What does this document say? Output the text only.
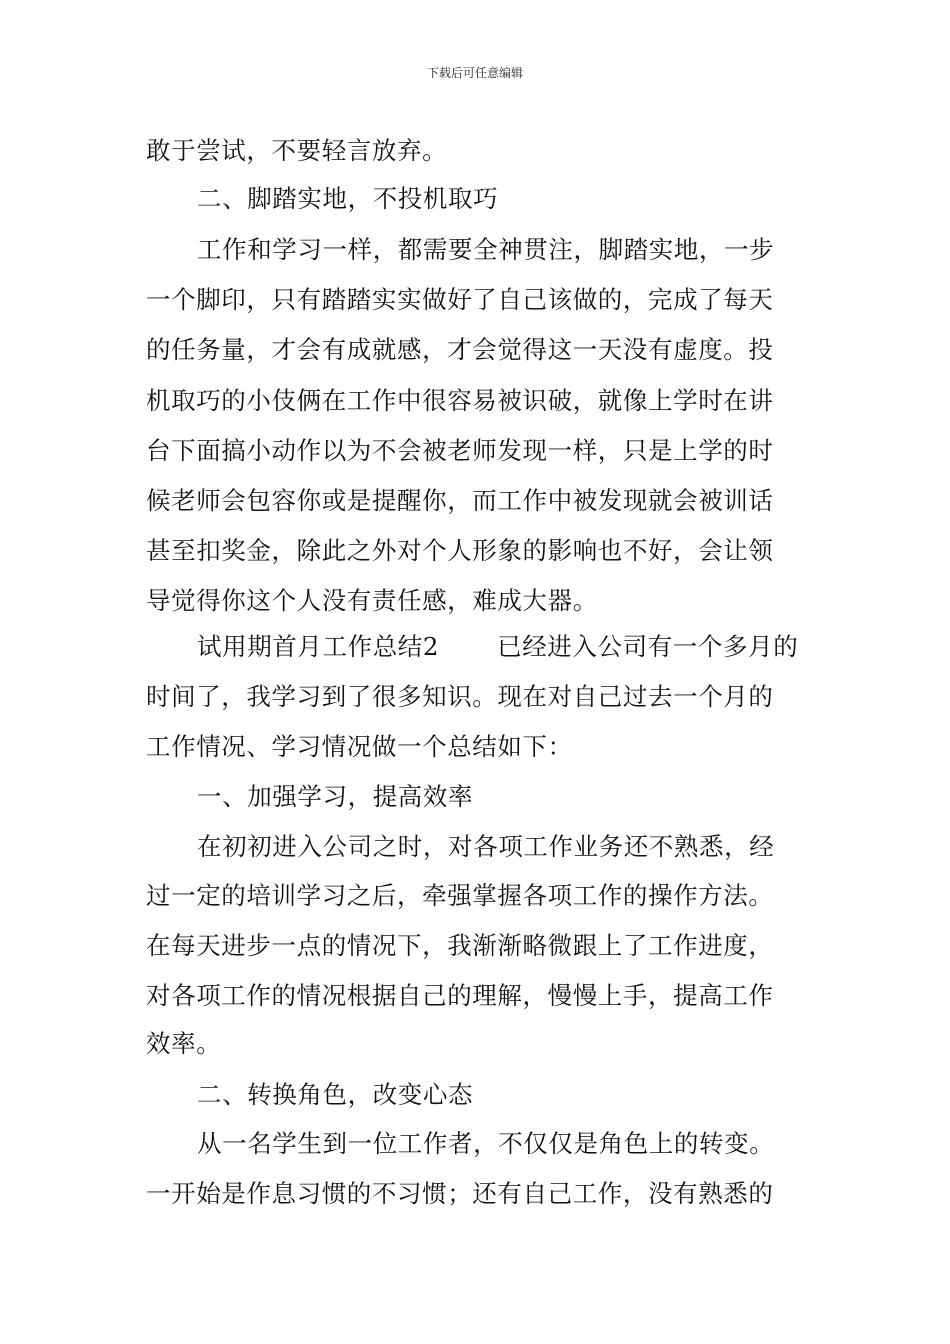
下载后可任意编辑
敢于尝试，不要轻言放弃。
二、脚踏实地，不投机取巧
工作和学习一样，都需要全神贯注，脚踏实地，一步
一个脚印，只有踏踏实实做好了自己该做的，完成了每天
的任务量，才会有成就感，才会觉得这一天没有虚度。投
机取巧的小伎俩在工作中很容易被识破，就像上学时在讲
台下面搞小动作以为不会被老师发现一样，只是上学的时
候老师会包容你或是提醒你，而工作中被发现就会被训话
甚至扣奖金，除此之外对个人形象的影响也不好，会让领
导觉得你这个人没有责任感，难成大器。
试用期首月工作总结2 已经进入公司有一个多月的
时间了，我学习到了很多知识。现在对自己过去一个月的
工作情况、学习情况做一个总结如下：
一、加强学习，提高效率
在初初进入公司之时，对各项工作业务还不熟悉，经
过一定的培训学习之后，牵强掌握各项工作的操作方法。
在每天进步一点的情况下，我渐渐略微跟上了工作进度，
对各项工作的情况根据自己的理解，慢慢上手，提高工作
效率。
二、转换角色，改变心态
从一名学生到一位工作者，不仅仅是角色上的转变。
一开始是作息习惯的不习惯；还有自己工作，没有熟悉的
